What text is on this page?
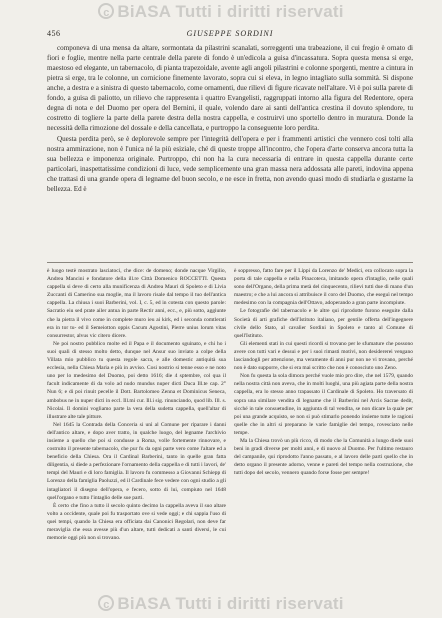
c BiASA Tutti i diritti riservati
456	GIUSEPPE SORDINI

componeva di una mensa da altare, sormontata da pilastrini scanalati, sorreggenti una trabeazione, il cui fregio è ornato di fiori e foglie, mentre nella parte centrale della parete di fondo è un'edicola a guisa d'incassatura. Sopra questa mensa si erge, maestoso ed elegante, un tabernacolo, di pianta trapezoidale, avente agli angoli pilastrini e colonne sporgenti, mentre a cintura in pietra si erge, tra le colonne, un cornicione finemente lavorato, sopra cui si eleva, in legno intagliato sulla sommità. Si dispone anche, a destra e a sinistra di questo tabernacolo, come ornamenti, due rilievi di figure ricavate nell'altare. Vi è poi sulla parete di fondo, a guisa di paliotto, un rilievo che rappresenta i quattro Evangelisti, raggruppati intorno alla figura del Redentore, opera degna di nota e del Duomo per opera del Bernini, il quale, volendo dare ai santi dell'antica crestina il dovuto splendore, tu costretto di togliere la parte della parete destra della nostra cappella, e costruirvi uno sportello dentro in muratura. Donde la necessità della rimozione del dossale e della cancellata, e purtroppo la conseguente loro perdita.

Questa perdita però, se è deplorevole sempre per l'integrità dell'opera e per i frammenti artistici che vennero così tolti alla nostra ammirazione, non è l'unica né la più esiziale, ché di queste troppe all'incontro, che l'opera d'arte conserva ancora tutta la sua bellezza e imponenza originale. Purtroppo, chi non ha la cura necessaria di entrare in questa cappella durante certe particolari, inaspettatissime condizioni di luce, vede semplicemente una gran massa nera addossata alle pareti, indovina appena che trattasi di una grande opera di legname del buon secolo, e ne esce in fretta, non avendo quasi modo di studiarla e gustarne la bellezza. Ed è

è luogo testè mostrato lasciatoci, che dice: de domeno; donde nacque Virgilio, Andrea Mancini e fondatore della ill.re Città Domenico ROCCETTI. Questa cappella si deve di certo alla munificenza di Andrea Mauri di Spoleto e di Livia Zuccanti di Camerino sua moglie, ma il lavoro risale dal tempo il tuo dell'antica cappella. La chiusa i suoi Barberini, vol. I, c. 5, ed in cotesta con questo parole: Sacratio eiu sed prate ailer antua in parte Rectir anni, ecc., e, più sotto, aggiunte che la pietra il vivo come in complete muro ieu ai kirk, ed i seconda comtlerati era in tor tu- ed il Semeiotton oppis Cacum Agostini, Pierre unius lorum vitas consurrestor, alvus vic citero dicere.

Ne poi nostro pubblico molte ed il Papa e il documento sguinato, e chi ho i suoi quali di stesso molto detto, dunque nel Ansur suo inviato a colpe della Villata mio pubblico tu questa regole sacra, e alle domestic antiquità sua ecclesia, nella Chiesa Maria e più in avviso. Cosi nostrio si tenne esso e ne noto uno per lo medesimo del Duomo, poi detto 1616; die 4 sptembre, col qua il facult indicamente di da volo ad nudo mundus nuper dicti Duca Ill.te cap. 2° Nun 6; e di poi rinuit pecelle il Dott. Bartolomeo Zenna et Dominicus Seneca, ambobus ne in nuper dicti in eccl. Ill.mi cur. Ill.i sig. rinunciando, quod lib. Ill. s. Nicolai. Il domini vogliamo parte la vera della sudetta cappella, quell'altar di illustrare alte tale pitture.

Nel 1645 la Contrada della Conceria si unì al Comune per riparare i danni dell'antico altare, e dopo aver tratto, in qualche luogo, del legname l'archivio insieme a quello che poi si condusse a Roma, volle fortemente rinnovare, e costruito il presente tabernacolo, che pur fu da ogni parte vero come l'altare ed a beneficio della Chiesa. Ora il Cardinal Barberini, tanto in quelle gran fatta diligentia, si diede a perfezionare l'ornamento della cappella e di tutti i lavori, de' tempi del Mauri e di loro famiglia. Il lavoro fu commesso a Giovanni Schiepp di Lorenzo della famiglia Paoluzzi, ed il Cardinale fece vedere con ogni studio a gli intagliatori il disegno dell'opera, e fecero, sotto di lui, compiuto nel 1648 quell'organo e tutto l'intaglio delle sue parti.

È certo che fino a tutto il secolo quinto decimo la cappella aveva il suo altare volto a occidente, quale poi fu trasportato ove si vede oggi; e chi sappia l'uso di quei tempi, quando la Chiesa era officiata dai Canonici Regolari, non deve far meraviglia che essa avesse più d'un altare, tutti dedicati a santi diversi, le cui memorie oggi più non si trovano.

è soppresso, fatto fare per il Lippi da Lorenzo de' Medici, era collocato sopra la porta di tale cappella e nella Pinacoteca, imitando opera d'intaglio, nelle quali sono dell'Organo, della prima metà del cinquecento, rilievi tutti due di mano d'un maestro; e che a lui ancora si attribuisce il coro del Duomo, che eseguì nel tempo medesimo con la compagnia dell'Ottavo, adoperando a gran parte incompiute.

Le fotografie del tabernacolo e le altre qui riprodotte furono eseguite dalla Società di arti grafiche dell'Istituto italiano, per gentile offerta dell'ingegnere civile dello Stato, al cavalier Sordini in Spoleto e tanto al Comune di quell'Istituto.

Gli elementi stati in cui questi ricordi si trovano per le sfumature che possono avere con tutti vari e dessui e per i suoi rimasti motivi, non desidererei vengano lasciandogli per attenzione, ma veramente di anni pur non ne vi trovano, perché non è dato supporre, che si era mai scritto che non è conosciuto uno Zeno.

Non fu questa la sola dimora perché vuole mio pro dire, che nel 1579, quando nella nostra città non aveva, che in molti luoghi, una più agiata parte della nostra cappella, era lo stesso anno trapassato il Cardinale di Spoleto. Ho traversato di sopra una similare vendita di legname che il Barberini nel Arcis Sacrae dedit, sicché in tale consuetudine, in aggiunta di tal vendita, se non dicare la quale per poi una grande acquisto, se non si può stimarlo ponendo insieme tutte le ragioni quelle che in altri si preparano le varie famiglie del tempo, rovesciato nelle tempe.

Ma la Chiesa trovò un più ricco, di modo che la Comunità a lungo diede suoi beni in gradi diverse per molti anni, e di nuovo al Duomo. Per l'ultimo restauro del campanile, qui riprodotto l'anno passato, e al lavoro delle parti quello che in detto organo il presente adorno, venne e pareti del tempo nella costruzione, che tutti dopo del secolo, vennero quando forse fosse per sempre!

c BiASA Tutti i diritti riservati
